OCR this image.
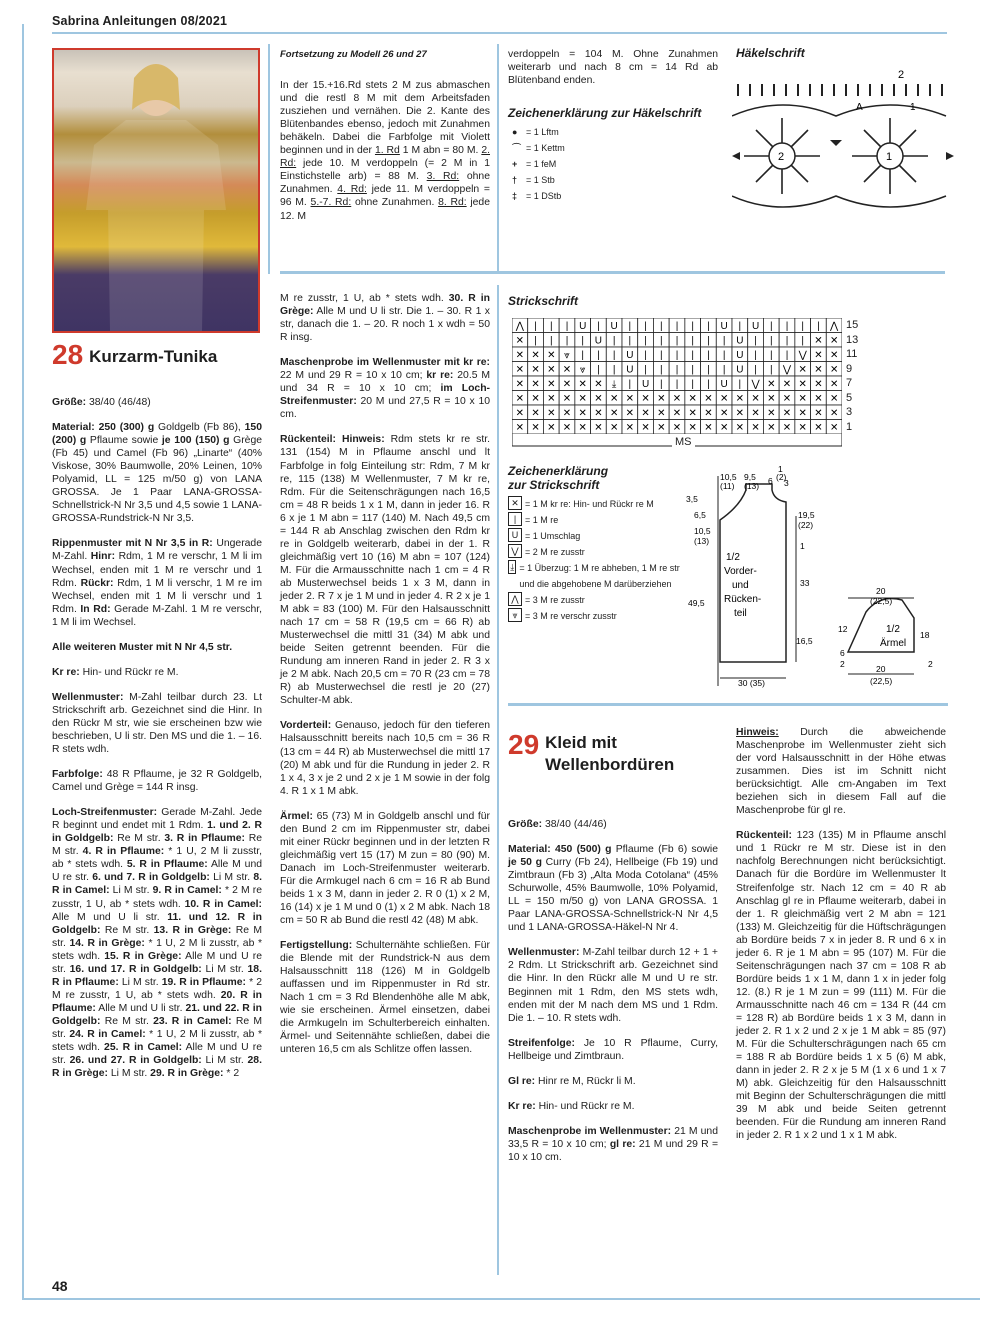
Sabrina Anleitungen 08/2021
28 Kurzarm-Tunika

Größe: 38/40 (46/48)

Material: 250 (300) g Goldgelb (Fb 86), 150 (200) g Pflaume sowie je 100 (150) g Grège (Fb 45) und Camel (Fb 96) „Linarte“ (40% Viskose, 30% Baumwolle, 20% Leinen, 10% Polyamid, LL = 125 m/50 g) von LANA GROSSA. Je 1 Paar LANA-GROSSA-Schnellstrick-N Nr 3,5 und 4,5 sowie 1 LANA-GROSSA-Rundstrick-N Nr 3,5.

Rippenmuster mit N Nr 3,5 in R: Ungerade M-Zahl. Hinr: Rdm, 1 M re verschr, 1 M li im Wechsel, enden mit 1 M re verschr und 1 Rdm. Rückr: Rdm, 1 M li verschr, 1 M re im Wechsel, enden mit 1 M li verschr und 1 Rdm. In Rd: Gerade M-Zahl. 1 M re verschr, 1 M li im Wechsel.

Alle weiteren Muster mit N Nr 4,5 str.

Kr re: Hin- und Rückr re M.

Wellenmuster: M-Zahl teilbar durch 23. Lt Strickschrift arb. Gezeichnet sind die Hinr. In den Rückr M str, wie sie erscheinen bzw wie beschrieben, U li str. Den MS und die 1. – 16. R stets wdh.

Farbfolge: 48 R Pflaume, je 32 R Goldgelb, Camel und Grège = 144 R insg.

Loch-Streifenmuster: Gerade M-Zahl. Jede R beginnt und endet mit 1 Rdm. 1. und 2. R in Goldgelb: Re M str. 3. R in Pflaume: Re M str. 4. R in Pflaume: * 1 U, 2 M li zusstr, ab * stets wdh. 5. R in Pflaume: Alle M und U re str. 6. und 7. R in Goldgelb: Li M str. 8. R in Camel: Li M str. 9. R in Camel: * 2 M re zusstr, 1 U, ab * stets wdh. 10. R in Camel: Alle M und U li str. 11. und 12. R in Goldgelb: Re M str. 13. R in Grège: Re M str. 14. R in Grège: * 1 U, 2 M li zusstr, ab * stets wdh. 15. R in Grège: Alle M und U re str. 16. und 17. R in Goldgelb: Li M str. 18. R in Pflaume: Li M str. 19. R in Pflaume: * 2 M re zusstr, 1 U, ab * stets wdh. 20. R in Pflaume: Alle M und U li str. 21. und 22. R in Goldgelb: Re M str. 23. R in Camel: Re M str. 24. R in Camel: * 1 U, 2 M li zusstr, ab * stets wdh. 25. R in Camel: Alle M und U re str. 26. und 27. R in Goldgelb: Li M str. 28. R in Grège: Li M str. 29. R in Grège: * 2

48
Fortsetzung zu Modell 26 und 27

In der 15.+16.Rd stets 2 M zus abmaschen und die restl 8 M mit dem Arbeitsfaden zusziehen und vernähen. Die 2. Kante des Blütenbandes ebenso, jedoch mit Zunahmen behäkeln. Dabei die Farbfolge mit Violett beginnen und in der 1. Rd 1 M abn = 80 M. 2. Rd: jede 10. M verdoppeln (= 2 M in 1 Einstichstelle arb) = 88 M. 3. Rd: ohne Zunahmen. 4. Rd: jede 11. M verdoppeln = 96 M. 5.-7. Rd: ohne Zunahmen. 8. Rd: jede 12. M

verdoppeln = 104 M. Ohne Zunahmen weiterarb und nach 8 cm = 14 Rd ab Blütenband enden.

Zeichenerklärung zur Häkelschrift
● = 1 Lftm
⌒ = 1 Kettm
+ = 1 feM
† = 1 Stb
‡ = 1 DStb
Häkelschrift
2
1
A
1
2

M re zusstr, 1 U, ab * stets wdh. 30. R in Grège: Alle M und U li str. Die 1. – 30. R 1 x str, danach die 1. – 20. R noch 1 x wdh = 50 R insg.

Maschenprobe im Wellenmuster mit kr re: 22 M und 29 R = 10 x 10 cm; kr re: 20.5 M und 34 R = 10 x 10 cm; im Loch-Streifenmuster: 20 M und 27,5 R = 10 x 10 cm.

Rückenteil: Hinweis: Rdm stets kr re str. 131 (154) M in Pflaume anschl und lt Farbfolge in folg Einteilung str: Rdm, 7 M kr re, 115 (138) M Wellenmuster, 7 M kr re, Rdm. Für die Seitenschrägungen nach 16,5 cm = 48 R beids 1 x 1 M, dann in jeder 16. R 6 x je 1 M abn = 117 (140) M. Nach 49,5 cm = 144 R ab Anschlag zwischen den Rdm kr re in Goldgelb weiterarb, dabei in der 1. R gleichmäßig vert 10 (16) M abn = 107 (124) M. Für die Armausschnitte nach 1 cm = 4 R ab Musterwechsel beids 1 x 3 M, dann in jeder 2. R 7 x je 1 M und in jeder 4. R 2 x je 1 M abk = 83 (100) M. Für den Halsausschnitt nach 17 cm = 58 R (19,5 cm = 66 R) ab Musterwechsel die mittl 31 (34) M abk und beide Seiten getrennt beenden. Für die Rundung am inneren Rand in jeder 2. R 3 x je 2 M abk. Nach 20,5 cm = 70 R (23 cm = 78 R) ab Musterwechsel die restl je 20 (27) Schulter-M abk.

Vorderteil: Genauso, jedoch für den tieferen Halsausschnitt bereits nach 10,5 cm = 36 R (13 cm = 44 R) ab Musterwechsel die mittl 17 (20) M abk und für die Rundung in jeder 2. R 1 x 4, 3 x je 2 und 2 x je 1 M sowie in der folg 4. R 1 x 1 M abk.

Ärmel: 65 (73) M in Goldgelb anschl und für den Bund 2 cm im Rippenmuster str, dabei mit einer Rückr beginnen und in der letzten R gleichmäßig vert 15 (17) M zun = 80 (90) M. Danach im Loch-Streifenmuster weiterarb. Für die Armkugel nach 6 cm = 16 R ab Bund beids 1 x 3 M, dann in jeder 2. R 0 (1) x 2 M, 16 (14) x je 1 M und 0 (1) x 2 M abk. Nach 18 cm = 50 R ab Bund die restl 42 (48) M abk.

Fertigstellung: Schulternähte schließen. Für die Blende mit der Rundstrick-N aus dem Halsausschnitt 118 (126) M in Goldgelb auffassen und im Rippenmuster in Rd str. Nach 1 cm = 3 Rd Blendenhöhe alle M abk, wie sie erscheinen. Ärmel einsetzen, dabei die Armkugeln im Schulterbereich einhalten. Ärmel- und Seitennähte schließen, dabei die unteren 16,5 cm als Schlitze offen lassen.

Strickschrift
⋀ | | | U | U | | | | | | U | U | | | | ⋀
✕ | | | | U | | | | | | | | U | | | | ✕ ✕
✕ ✕ ✕ ⩔ | | | U | | | | | | U | | | ⋁ ✕ ✕
✕ ✕ ✕ ✕ ⩔ | | U | | | | | | U | | ⋁ ✕ ✕ ✕
✕ ✕ ✕ ✕ ✕ ✕ ⤓ | U | | | | U | ⋁ ✕ ✕ ✕ ✕ ✕
✕ ✕ ✕ ✕ ✕ ✕ ✕ ✕ ✕ ✕ ✕ ✕ ✕ ✕ ✕ ✕ ✕ ✕ ✕ ✕ ✕
✕ ✕ ✕ ✕ ✕ ✕ ✕ ✕ ✕ ✕ ✕ ✕ ✕ ✕ ✕ ✕ ✕ ✕ ✕ ✕ ✕
✕ ✕ ✕ ✕ ✕ ✕ ✕ ✕ ✕ ✕ ✕ ✕ ✕ ✕ ✕ ✕ ✕ ✕ ✕ ✕ ✕
15
13
11
9
7
5
3
1
MS
Zeichenerklärung
zur Strickschrift
✕ = 1 M kr re: Hin- und Rückr re M
| = 1 M re
U = 1 Umschlag
⋁ = 2 M re zusstr
⤓ = 1 Überzug: 1 M re abheben, 1 M re str und die abgehobene M darüberziehen
⋀ = 3 M re zusstr
⩔ = 3 M re verschr zusstr
1/2
Vorder-
und
Rücken-
teil
1/2
Ärmel
10,5
(11)
9,5
(13) 6
1
(2)
3
3,5
6,5
10,5
(13)
49,5
19,5
(22)
1
33
16,5
30 (35)
20
(22,5)
12
6
2
18
2
20
(22,5)
29 Kleid mit
Wellenbordüren

Größe: 38/40 (44/46)

Material: 450 (500) g Pflaume (Fb 6) sowie je 50 g Curry (Fb 24), Hellbeige (Fb 19) und Zimtbraun (Fb 3) „Alta Moda Cotolana“ (45% Schurwolle, 45% Baumwolle, 10% Polyamid, LL = 150 m/50 g) von LANA GROSSA. 1 Paar LANA-GROSSA-Schnellstrick-N Nr 4,5 und 1 LANA-GROSSA-Häkel-N Nr 4.

Wellenmuster: M-Zahl teilbar durch 12 + 1 + 2 Rdm. Lt Strickschrift arb. Gezeichnet sind die Hinr. In den Rückr alle M und U re str. Beginnen mit 1 Rdm, den MS stets wdh, enden mit der M nach dem MS und 1 Rdm. Die 1. – 10. R stets wdh.

Streifenfolge: Je 10 R Pflaume, Curry, Hellbeige und Zimtbraun.

Gl re: Hinr re M, Rückr li M.

Kr re: Hin- und Rückr re M.

Maschenprobe im Wellenmuster: 21 M und 33,5 R = 10 x 10 cm; gl re: 21 M und 29 R = 10 x 10 cm.

Hinweis: Durch die abweichende Maschenprobe im Wellenmuster zieht sich der vord Halsausschnitt in der Höhe etwas zusammen. Dies ist im Schnitt nicht berücksichtigt. Alle cm-Angaben im Text beziehen sich in diesem Fall auf die Maschenprobe für gl re.

Rückenteil: 123 (135) M in Pflaume anschl und 1 Rückr re M str. Diese ist in den nachfolg Berechnungen nicht berücksichtigt. Danach für die Bordüre im Wellenmuster lt Streifenfolge str. Nach 12 cm = 40 R ab Anschlag gl re in Pflaume weiterarb, dabei in der 1. R gleichmäßig vert 2 M abn = 121 (133) M. Gleichzeitig für die Hüftschrägungen ab Bordüre beids 7 x in jeder 8. R und 6 x in jeder 6. R je 1 M abn = 95 (107) M. Für die Seitenschrägungen nach 37 cm = 108 R ab Bordüre beids 1 x 1 M, dann 1 x in jeder folg 12. (8.) R je 1 M zun = 99 (111) M. Für die Armausschnitte nach 46 cm = 134 R (44 cm = 128 R) ab Bordüre beids 1 x 3 M, dann in jeder 2. R 1 x 2 und 2 x je 1 M abk = 85 (97) M. Für die Schulterschrägungen nach 65 cm = 188 R ab Bordüre beids 1 x 5 (6) M abk, dann in jeder 2. R 2 x je 5 M (1 x 6 und 1 x 7 M) abk. Gleichzeitig für den Halsausschnitt mit Beginn der Schulterschrägungen die mittl 39 M abk und beide Seiten getrennt beenden. Für die Rundung am inneren Rand in jeder 2. R 1 x 2 und 1 x 1 M abk.
